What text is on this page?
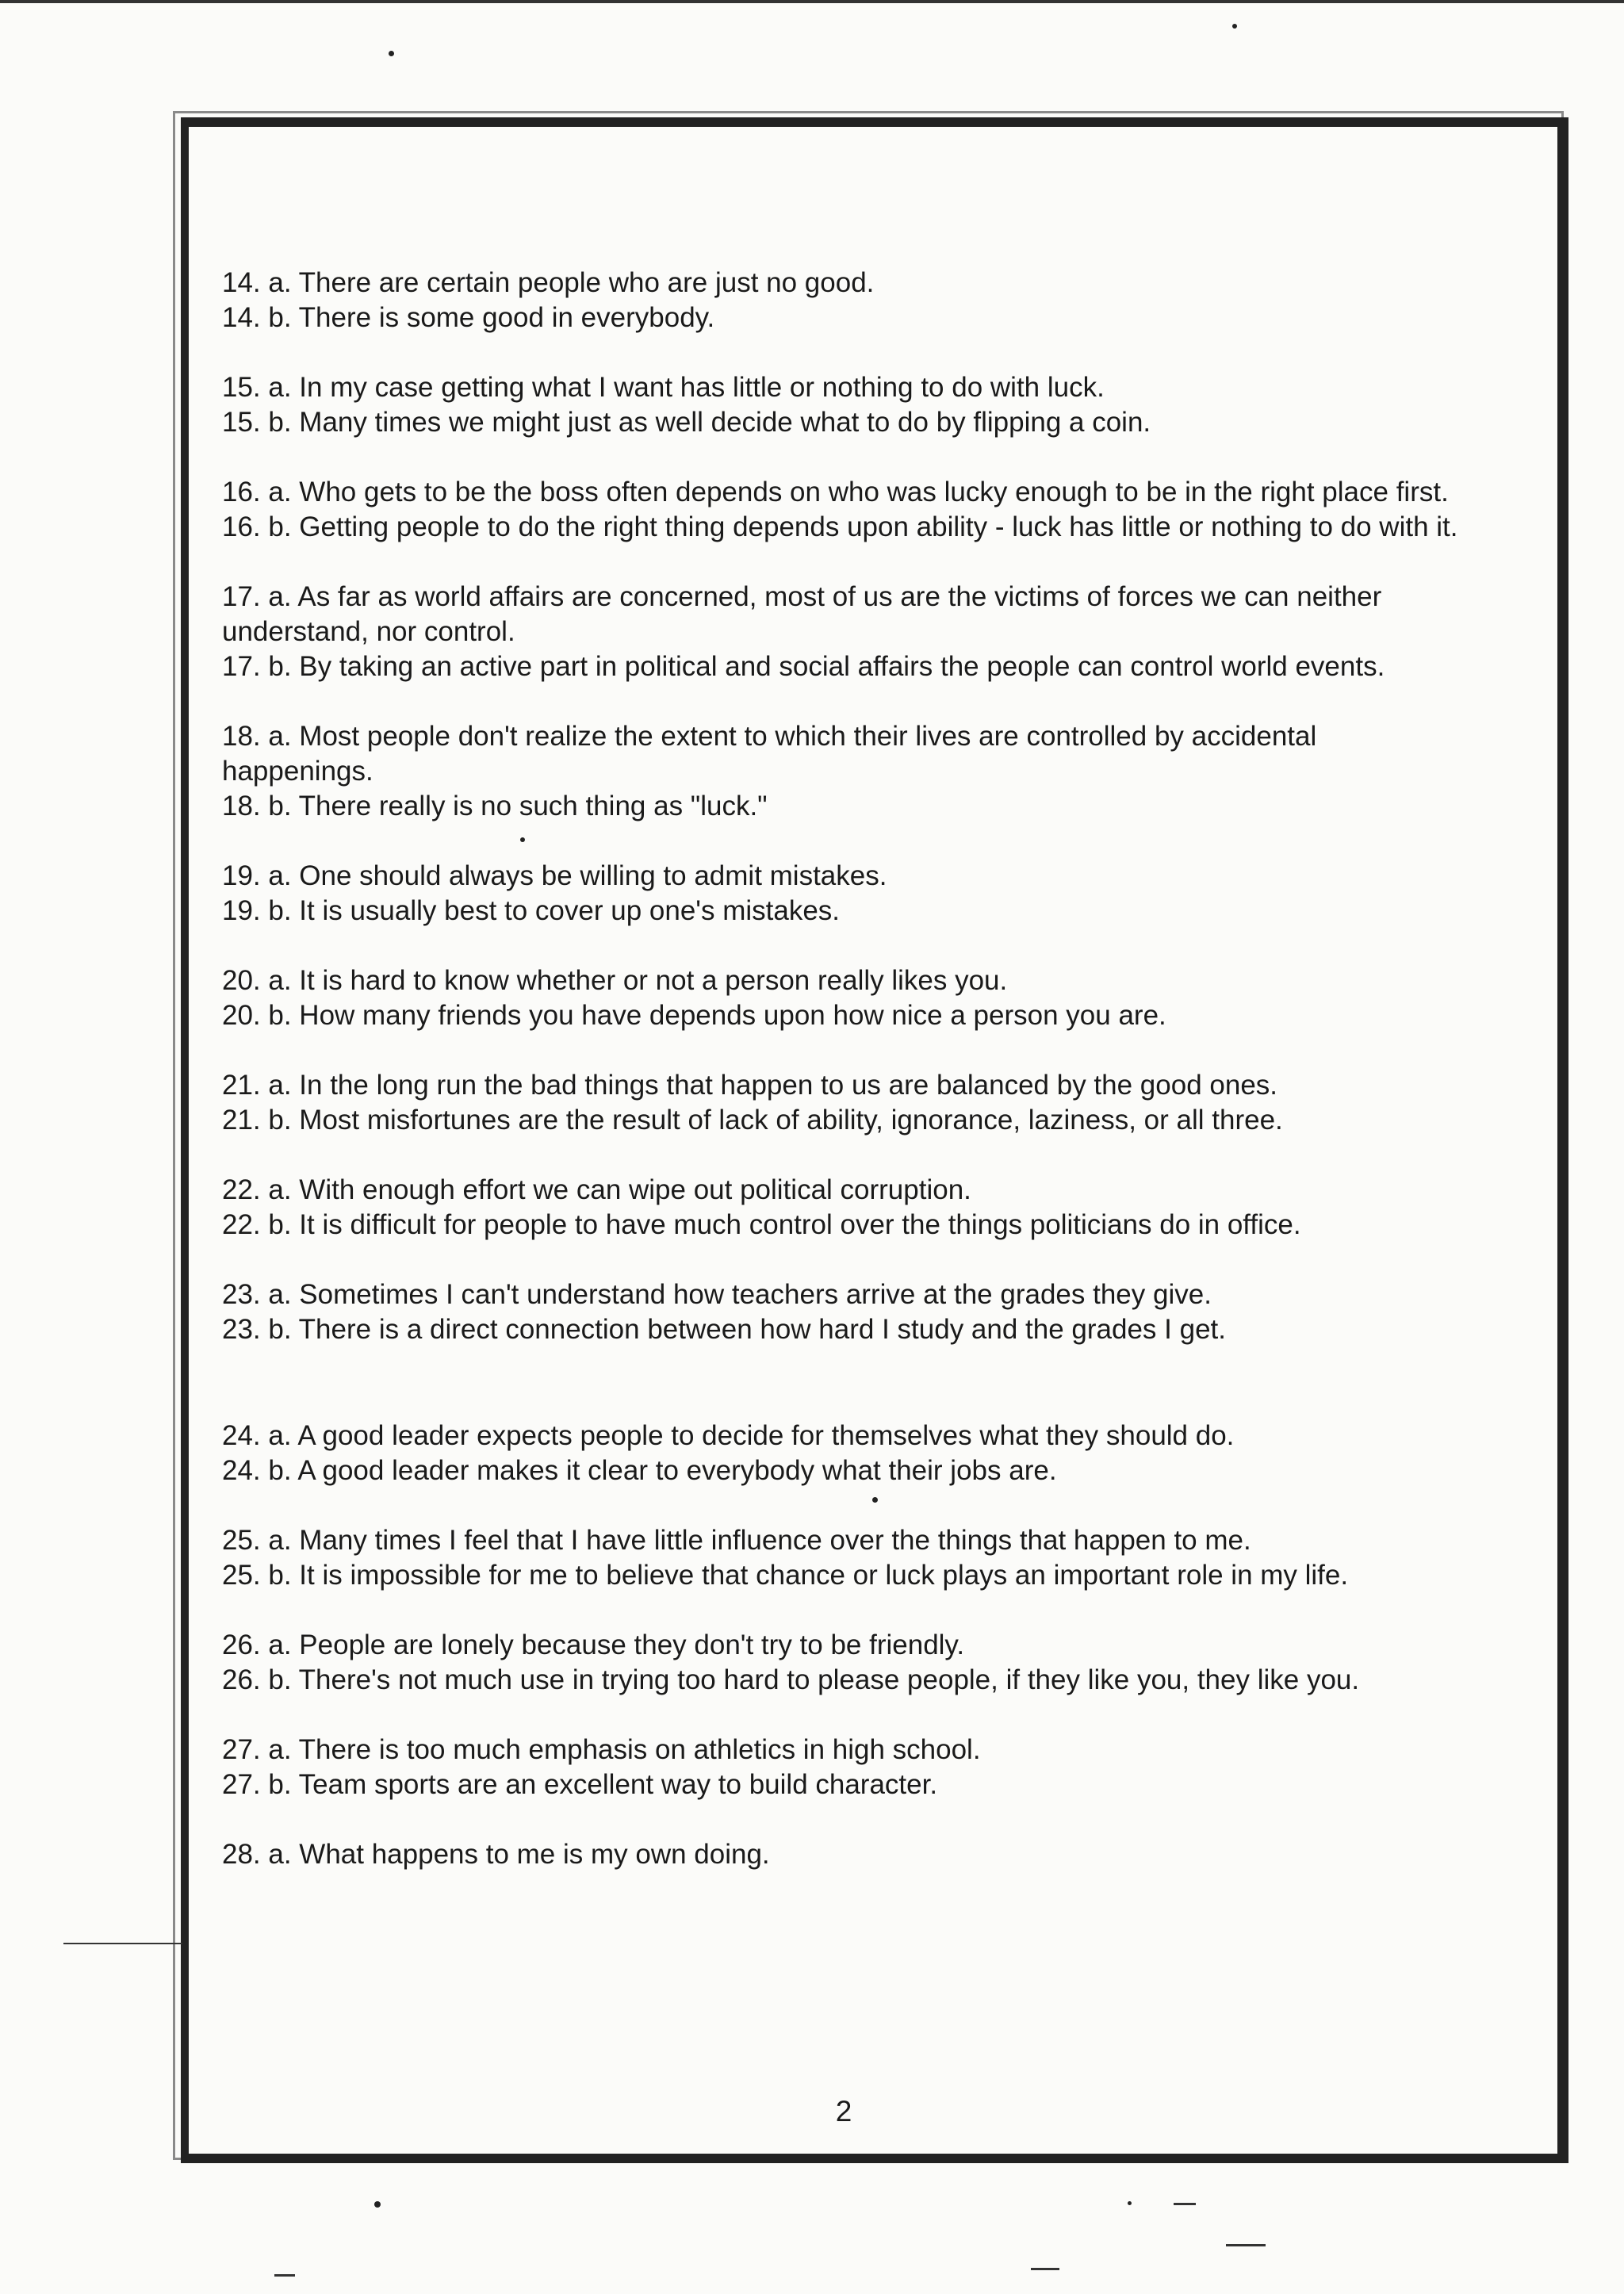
14. a. There are certain people who are just no good.
14. b. There is some good in everybody.
15. a. In my case getting what I want has little or nothing to do with luck.
15. b. Many times we might just as well decide what to do by flipping a coin.
16. a. Who gets to be the boss often depends on who was lucky enough to be in the right place first.
16. b. Getting people to do the right thing depends upon ability - luck has little or nothing to do with it.
17. a. As far as world affairs are concerned, most of us are the victims of forces we can neither understand, nor control.
17. b. By taking an active part in political and social affairs the people can control world events.
18. a. Most people don't realize the extent to which their lives are controlled by accidental happenings.
18. b. There really is no such thing as "luck."
19. a. One should always be willing to admit mistakes.
19. b. It is usually best to cover up one's mistakes.
20. a. It is hard to know whether or not a person really likes you.
20. b. How many friends you have depends upon how nice a person you are.
21. a. In the long run the bad things that happen to us are balanced by the good ones.
21. b. Most misfortunes are the result of lack of ability, ignorance, laziness, or all three.
22. a. With enough effort we can wipe out political corruption.
22. b. It is difficult for people to have much control over the things politicians do in office.
23. a. Sometimes I can't understand how teachers arrive at the grades they give.
23. b. There is a direct connection between how hard I study and the grades I get.
24. a. A good leader expects people to decide for themselves what they should do.
24. b. A good leader makes it clear to everybody what their jobs are.
25. a. Many times I feel that I have little influence over the things that happen to me.
25. b. It is impossible for me to believe that chance or luck plays an important role in my life.
26. a. People are lonely because they don't try to be friendly.
26. b. There's not much use in trying too hard to please people, if they like you, they like you.
27. a. There is too much emphasis on athletics in high school.
27. b. Team sports are an excellent way to build character.
28. a. What happens to me is my own doing.
2
